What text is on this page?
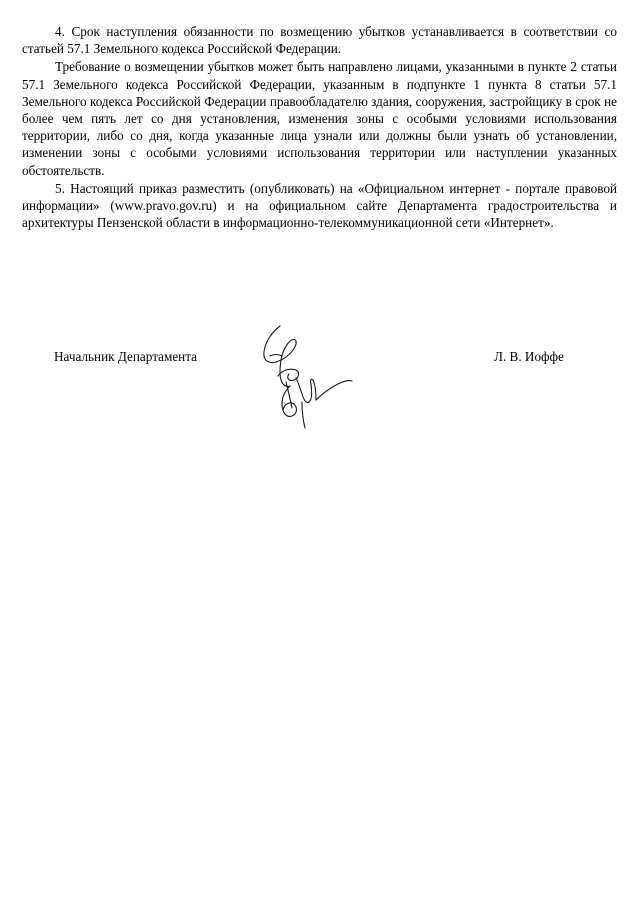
4. Срок наступления обязанности по возмещению убытков устанавливается в соответствии со статьей 57.1 Земельного кодекса Российской Федерации.

Требование о возмещении убытков может быть направлено лицами, указанными в пункте 2 статьи 57.1 Земельного кодекса Российской Федерации, указанным в подпункте 1 пункта 8 статьи 57.1 Земельного кодекса Российской Федерации правообладателю здания, сооружения, застройщику в срок не более чем пять лет со дня установления, изменения зоны с особыми условиями использования территории, либо со дня, когда указанные лица узнали или должны были узнать об установлении, изменении зоны с особыми условиями использования территории или наступлении указанных обстоятельств.

5. Настоящий приказ разместить (опубликовать) на «Официальном интернет - портале правовой информации» (www.pravo.gov.ru) и на официальном сайте Департамента градостроительства и архитектуры Пензенской области в информационно-телекоммуникационной сети «Интернет».

Начальник Департамента	Л. В. Иоффе
